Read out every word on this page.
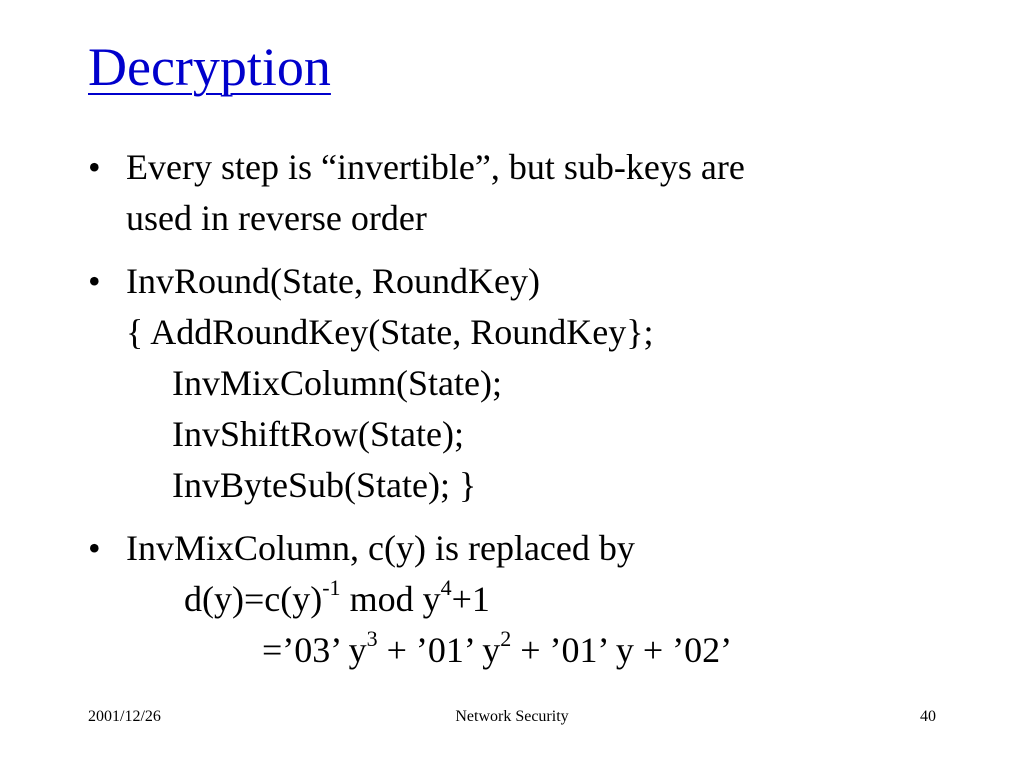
Decryption
• Every step is “invertible”, but sub-keys are
used in reverse order
• InvRound(State, RoundKey)
{ AddRoundKey(State, RoundKey};
InvMixColumn(State);
InvShiftRow(State);
InvByteSub(State); }
• InvMixColumn, c(y) is replaced by
$d(y)=c(y)^{-1}$ mod $y^4+1$
=’03’ $y^3$ + ’01’ $y^2$ + ’01’ y + ’02’
2001/12/26	Network Security	40
